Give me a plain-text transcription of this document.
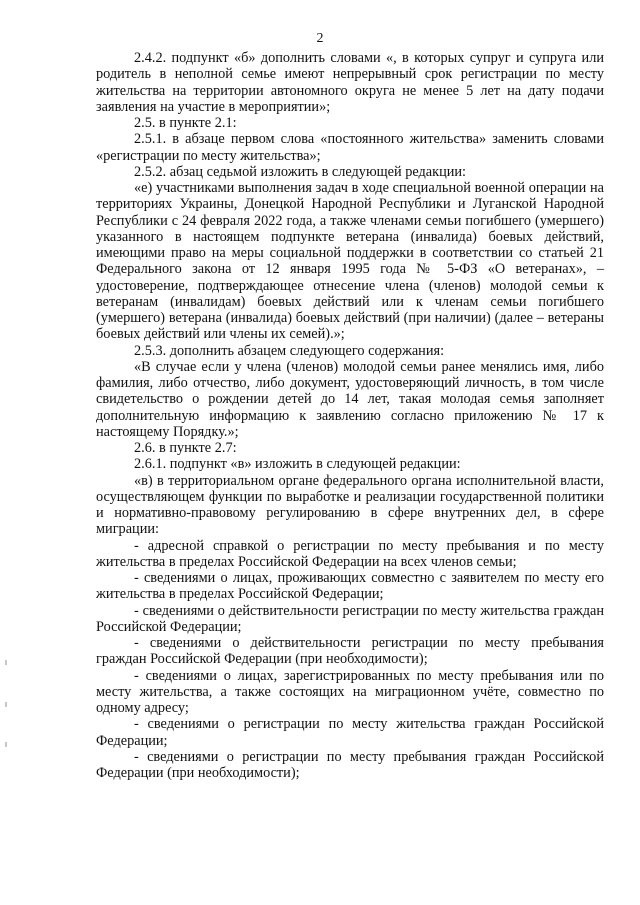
2

2.4.2. подпункт «б» дополнить словами «, в которых супруг и супруга или родитель в неполной семье имеют непрерывный срок регистрации по месту жительства на территории автономного округа не менее 5 лет на дату подачи заявления на участие в мероприятии»;

2.5. в пункте 2.1:

2.5.1. в абзаце первом слова «постоянного жительства» заменить словами «регистрации по месту жительства»;

2.5.2. абзац седьмой изложить в следующей редакции:

«е) участниками выполнения задач в ходе специальной военной операции на территориях Украины, Донецкой Народной Республики и Луганской Народной Республики с 24 февраля 2022 года, а также членами семьи погибшего (умершего) указанного в настоящем подпункте ветерана (инвалида) боевых действий, имеющими право на меры социальной поддержки в соответствии со статьей 21 Федерального закона от 12 января 1995 года № 5-ФЗ «О ветеранах», – удостоверение, подтверждающее отнесение члена (членов) молодой семьи к ветеранам (инвалидам) боевых действий или к членам семьи погибшего (умершего) ветерана (инвалида) боевых действий (при наличии) (далее – ветераны боевых действий или члены их семей).»;

2.5.3. дополнить абзацем следующего содержания:

«В случае если у члена (членов) молодой семьи ранее менялись имя, либо фамилия, либо отчество, либо документ, удостоверяющий личность, в том числе свидетельство о рождении детей до 14 лет, такая молодая семья заполняет дополнительную информацию к заявлению согласно приложению № 17 к настоящему Порядку.»;

2.6. в пункте 2.7:

2.6.1. подпункт «в» изложить в следующей редакции:

«в) в территориальном органе федерального органа исполнительной власти, осуществляющем функции по выработке и реализации государственной политики и нормативно-правовому регулированию в сфере внутренних дел, в сфере миграции:

- адресной справкой о регистрации по месту пребывания и по месту жительства в пределах Российской Федерации на всех членов семьи;

- сведениями о лицах, проживающих совместно с заявителем по месту его жительства в пределах Российской Федерации;

- сведениями о действительности регистрации по месту жительства граждан Российской Федерации;

- сведениями о действительности регистрации по месту пребывания граждан Российской Федерации (при необходимости);

- сведениями о лицах, зарегистрированных по месту пребывания или по месту жительства, а также состоящих на миграционном учёте, совместно по одному адресу;

- сведениями о регистрации по месту жительства граждан Российской Федерации;

- сведениями о регистрации по месту пребывания граждан Российской Федерации (при необходимости);
